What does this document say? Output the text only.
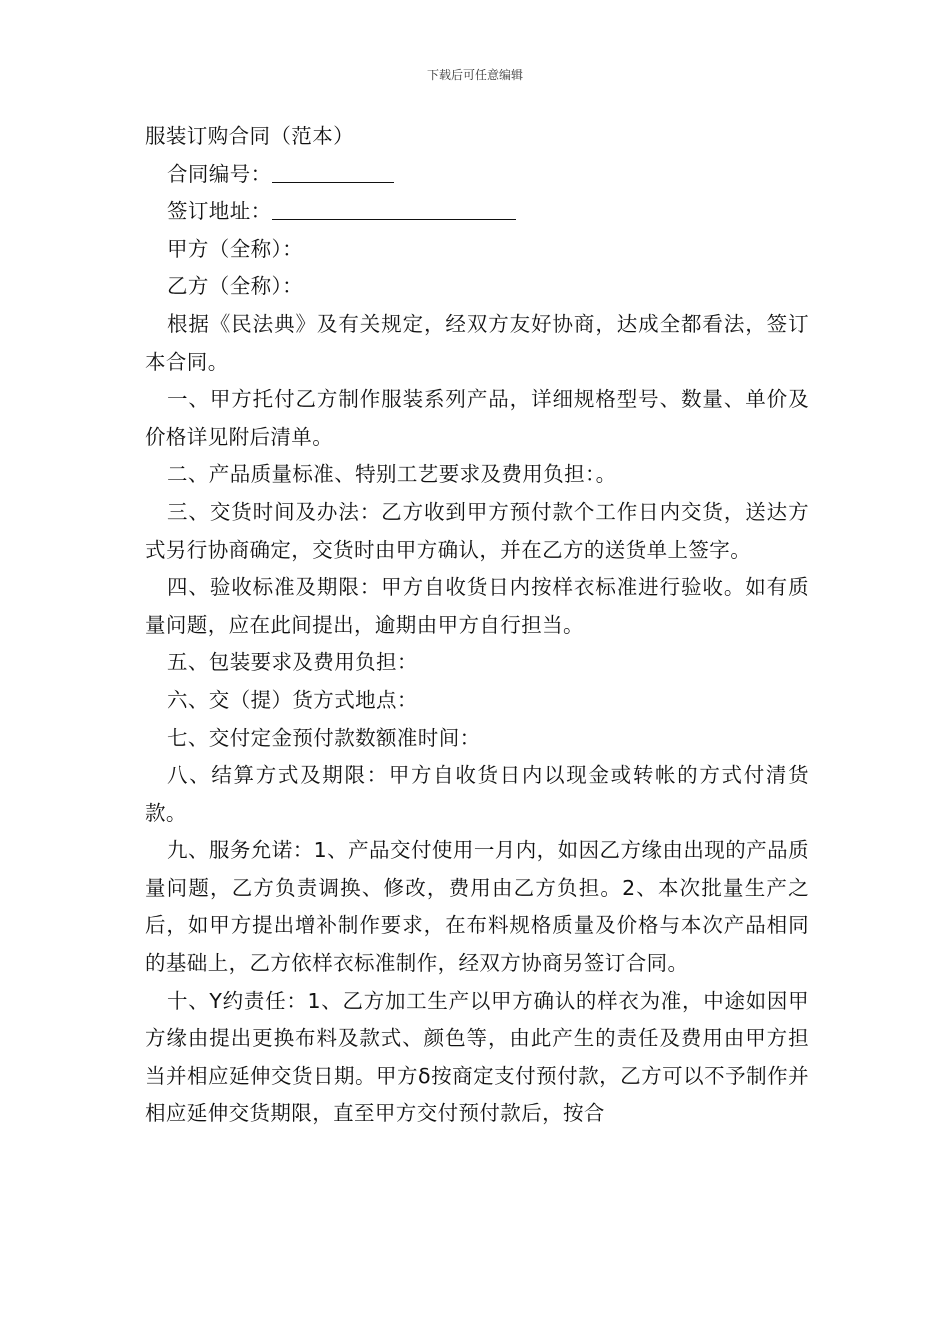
下载后可任意编辑
服装订购合同（范本）
合同编号：
签订地址：
甲方（全称）：
乙方（全称）：
根据《民法典》及有关规定，经双方友好协商，达成全都看法，签订本合同。
一、甲方托付乙方制作服装系列产品，详细规格型号、数量、单价及价格详见附后清单。
二、产品质量标准、特别工艺要求及费用负担：。
三、交货时间及办法：乙方收到甲方预付款个工作日内交货，送达方式另行协商确定，交货时由甲方确认，并在乙方的送货单上签字。
四、验收标准及期限：甲方自收货日内按样衣标准进行验收。如有质量问题，应在此间提出，逾期由甲方自行担当。
五、包装要求及费用负担：
六、交（提）货方式地点：
七、交付定金预付款数额准时间：
八、结算方式及期限：甲方自收货日内以现金或转帐的方式付清货款。
九、服务允诺：1、产品交付使用一月内，如因乙方缘由出现的产品质量问题，乙方负责调换、修改，费用由乙方负担。2、本次批量生产之后，如甲方提出增补制作要求，在布料规格质量及价格与本次产品相同的基础上，乙方依样衣标准制作，经双方协商另签订合同。
十、Y约责任：1、乙方加工生产以甲方确认的样衣为准，中途如因甲方缘由提出更换布料及款式、颜色等，由此产生的责任及费用由甲方担当并相应延伸交货日期。甲方δ按商定支付预付款，乙方可以不予制作并相应延伸交货期限，直至甲方交付预付款后，按合
